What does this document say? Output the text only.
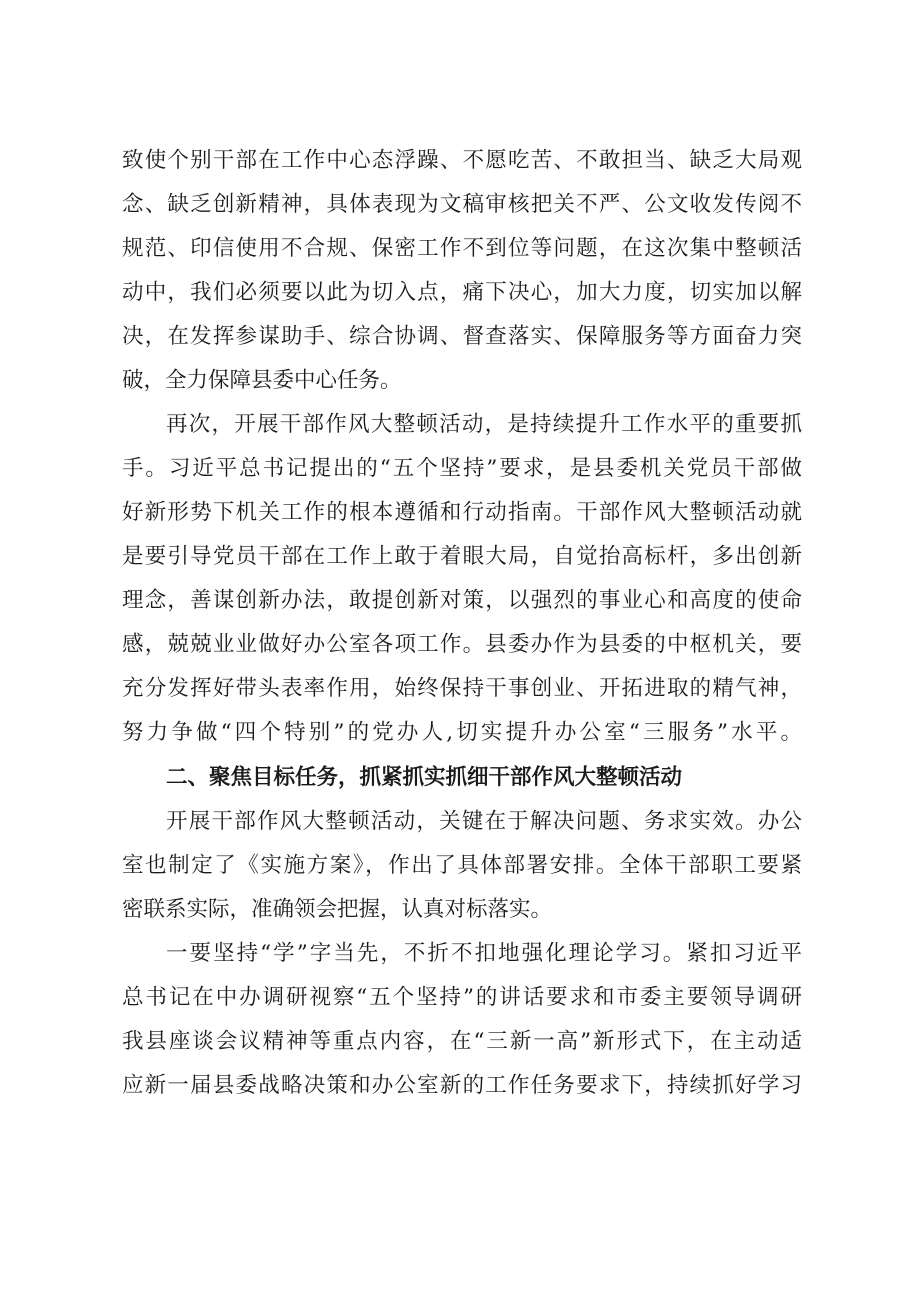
致使个别干部在工作中心态浮躁、不愿吃苦、不敢担当、缺乏大局观
念、缺乏创新精神，具体表现为文稿审核把关不严、公文收发传阅不
规范、印信使用不合规、保密工作不到位等问题，在这次集中整顿活
动中，我们必须要以此为切入点，痛下决心，加大力度，切实加以解
决，在发挥参谋助手、综合协调、督查落实、保障服务等方面奋力突
破，全力保障县委中心任务。
再次，开展干部作风大整顿活动，是持续提升工作水平的重要抓
手。习近平总书记提出的“五个坚持”要求，是县委机关党员干部做
好新形势下机关工作的根本遵循和行动指南。干部作风大整顿活动就
是要引导党员干部在工作上敢于着眼大局，自觉抬高标杆，多出创新
理念，善谋创新办法，敢提创新对策，以强烈的事业心和高度的使命
感，兢兢业业做好办公室各项工作。县委办作为县委的中枢机关，要
充分发挥好带头表率作用，始终保持干事创业、开拓进取的精气神，
努力争做“四个特别”的党办人,切实提升办公室“三服务”水平。
二、聚焦目标任务，抓紧抓实抓细干部作风大整顿活动
开展干部作风大整顿活动，关键在于解决问题、务求实效。办公
室也制定了《实施方案》，作出了具体部署安排。全体干部职工要紧
密联系实际，准确领会把握，认真对标落实。
一要坚持“学”字当先，不折不扣地强化理论学习。紧扣习近平
总书记在中办调研视察“五个坚持”的讲话要求和市委主要领导调研
我县座谈会议精神等重点内容，在“三新一高”新形式下，在主动适
应新一届县委战略决策和办公室新的工作任务要求下，持续抓好学习
